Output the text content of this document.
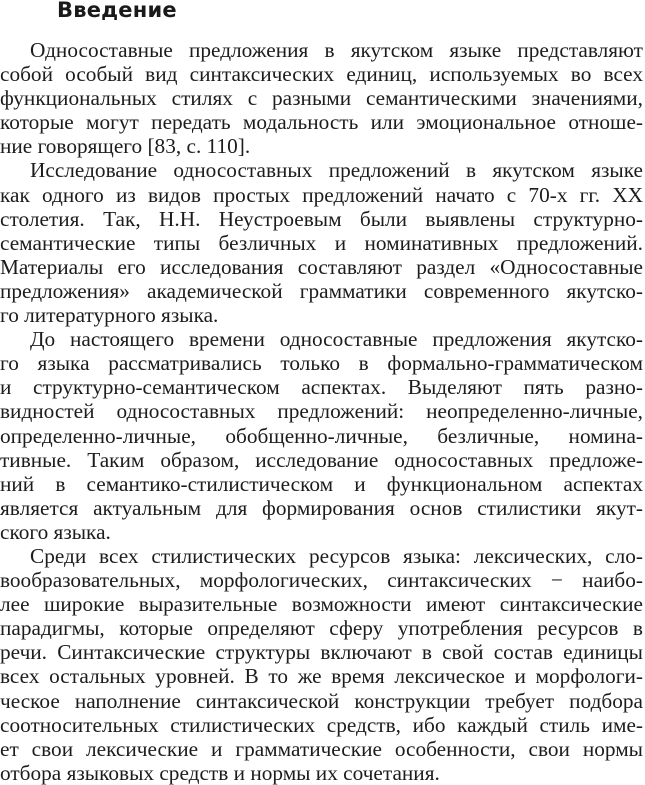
Введение

Односоставные предложения в якутском языке представляют
собой особый вид синтаксических единиц, используемых во всех
функциональных стилях с разными семантическими значениями,
которые могут передать модальность или эмоциональное отноше-
ние говорящего [83, с. 110].

Исследование односоставных предложений в якутском языке
как одного из видов простых предложений начато с 70-х гг. XX
столетия. Так, Н.Н. Неустроевым были выявлены структурно-
семантические типы безличных и номинативных предложений.
Материалы его исследования составляют раздел «Односоставные
предложения» академической грамматики современного якутско-
го литературного языка.

До настоящего времени односоставные предложения якутско-
го языка рассматривались только в формально-грамматическом
и структурно-семантическом аспектах. Выделяют пять разно-
видностей односоставных предложений: неопределенно-личные,
определенно-личные, обобщенно-личные, безличные, номина-
тивные. Таким образом, исследование односоставных предложе-
ний в семантико-стилистическом и функциональном аспектах
является актуальным для формирования основ стилистики якут-
ского языка.

Среди всех стилистических ресурсов языка: лексических, сло-
вообразовательных, морфологических, синтаксических − наибо-
лее широкие выразительные возможности имеют синтаксические
парадигмы, которые определяют сферу употребления ресурсов в
речи. Синтаксические структуры включают в свой состав единицы
всех остальных уровней. В то же время лексическое и морфологи-
ческое наполнение синтаксической конструкции требует подбора
соотносительных стилистических средств, ибо каждый стиль име-
ет свои лексические и грамматические особенности, свои нормы
отбора языковых средств и нормы их сочетания.
